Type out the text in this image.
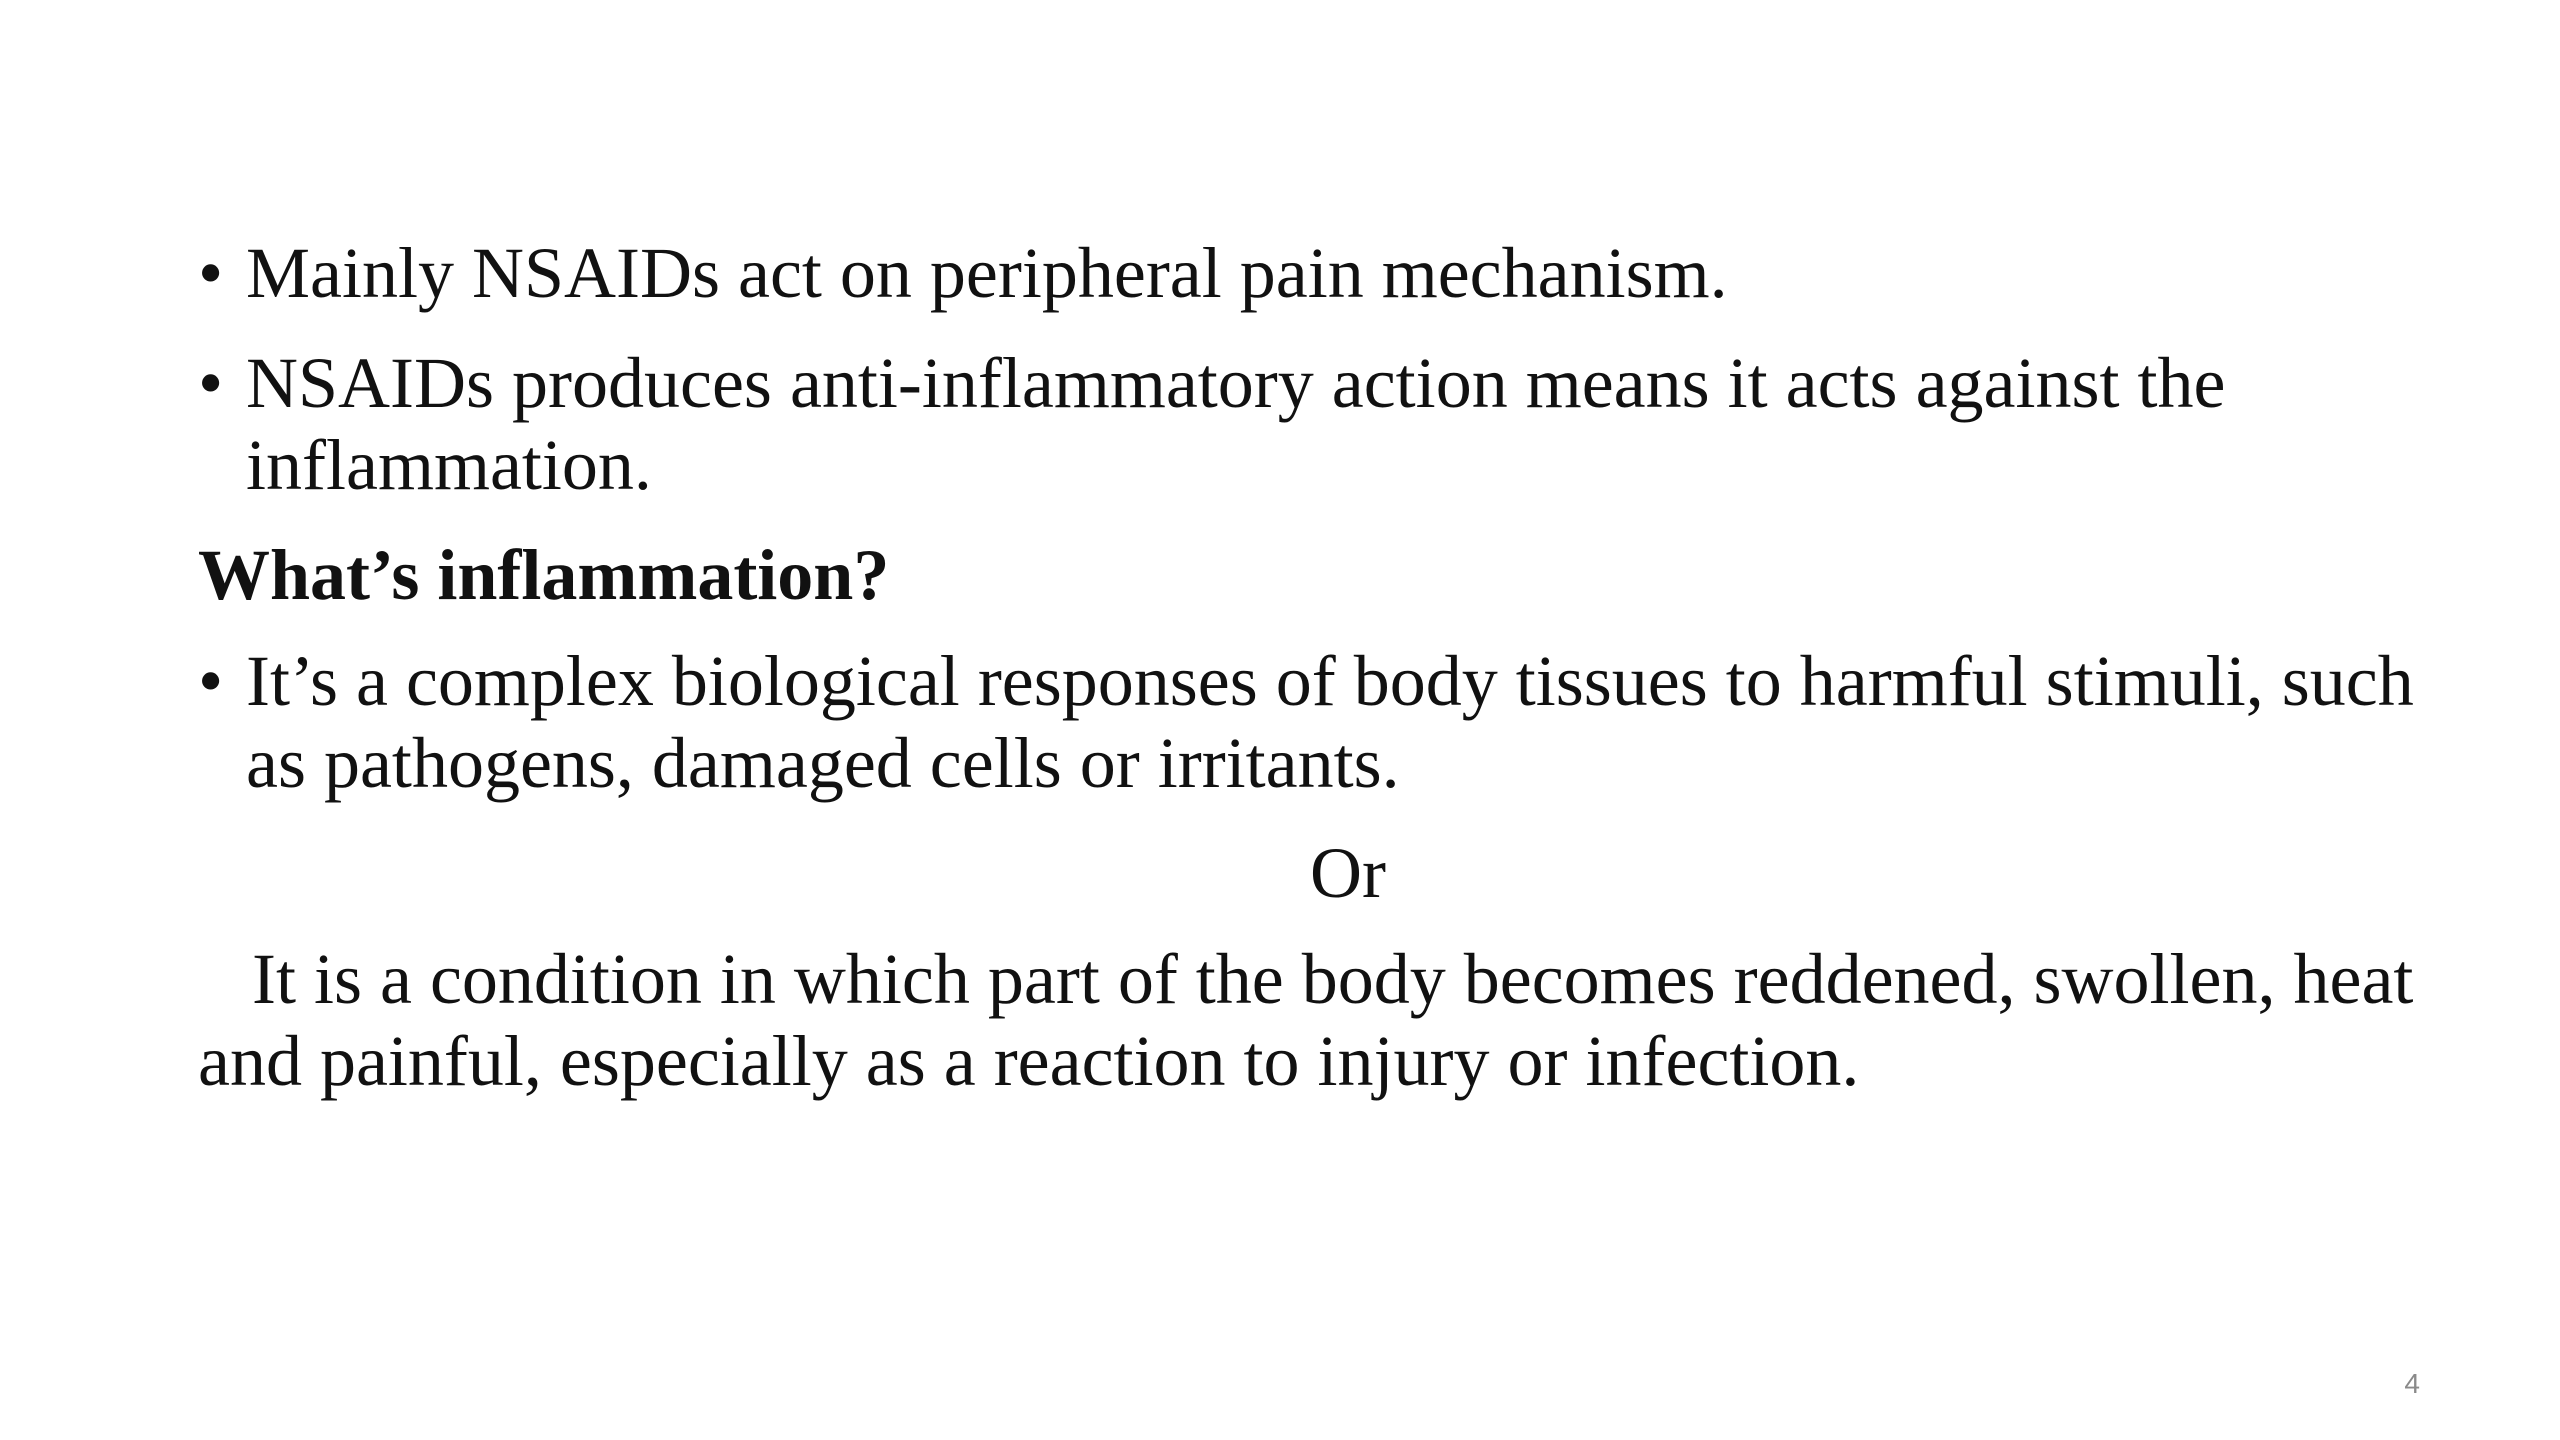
• Mainly NSAIDs act on peripheral pain mechanism.
• NSAIDs produces anti-inflammatory action means it acts against the inflammation.
What’s inflammation?
• It’s a complex biological responses of body tissues to harmful stimuli, such as pathogens, damaged cells or irritants.
Or
It is a condition in which part of the body becomes reddened, swollen, heat and painful, especially as a reaction to injury or infection.
4
